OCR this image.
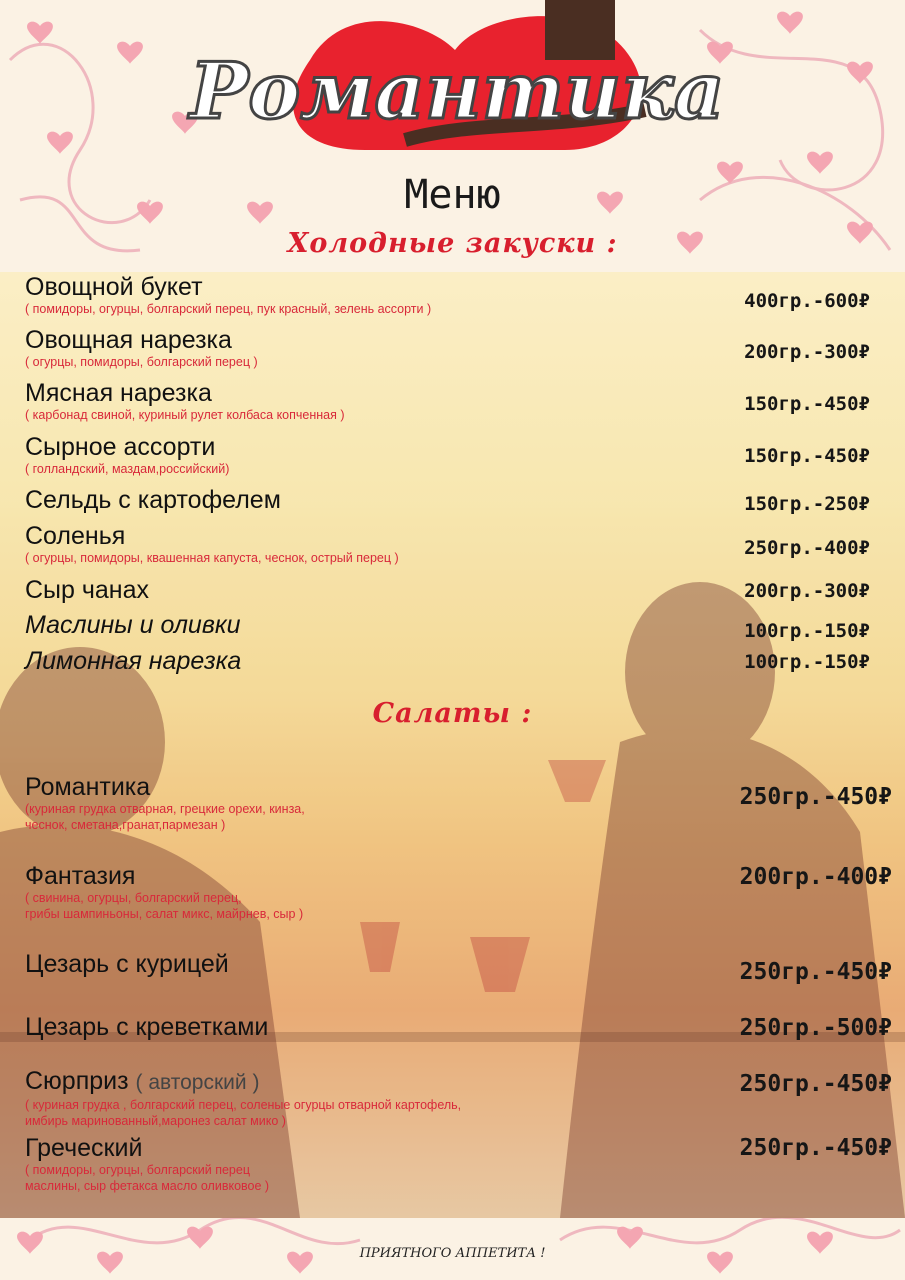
Романтика
Меню
Холодные закуски :
Овощной букет
( помидоры, огурцы, болгарский перец, пук красный, зелень ассорти )	400гр.-600₽
Овощная нарезка
( огурцы, помидоры, болгарский перец )	200гр.-300₽
Мясная нарезка
( карбонад свиной, куриный рулет колбаса копченная )	150гр.-450₽
Сырное ассорти
( голландский, маздам,российский)
150гр.-450₽
Сельдь с картофелем	150гр.-250₽
Соленья
( огурцы, помидоры, квашенная капуста, чеснок, острый перец )	250гр.-400₽
Сыр чанах	200гр.-300₽
Маслины и оливки	100гр.-150₽
Лимонная нарезка	100гр.-150₽
Салаты :
Романтика
(куриная грудка отварная, грецкие орехи, кинза,
чеснок, сметана,гранат,пармезан )
250гр.-450₽
Фантазия
( свинина, огурцы, болгарский перец,
грибы шампиньоны, салат микс, майрнев, сыр )
200гр.-400₽
Цезарь с курицей	250гр.-450₽
Цезарь с креветками	250гр.-500₽
Сюрприз ( авторский )
( куриная грудка , болгарский перец, соленые огурцы отварной картофель,
имбирь маринованный,маронез салат мико )
250гр.-450₽
Греческий
( помидоры, огурцы, болгарский перец
маслины, сыр фетакса масло оливковое )
250гр.-450₽
ПРИЯТНОГО АППЕТИТА !
